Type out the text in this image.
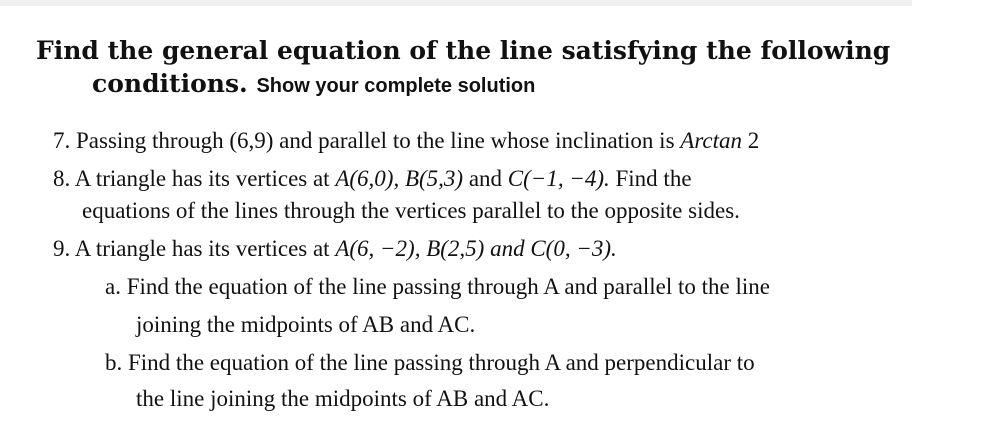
Find the general equation of the line satisfying the following
conditions. Show your complete solution
7. Passing through (6,9) and parallel to the line whose inclination is Arctan 2
8. A triangle has its vertices at A(6,0), B(5,3) and C(−1, −4). Find the
equations of the lines through the vertices parallel to the opposite sides.
9. A triangle has its vertices at A(6, −2), B(2,5) and C(0, −3).
a. Find the equation of the line passing through A and parallel to the line
joining the midpoints of AB and AC.
b. Find the equation of the line passing through A and perpendicular to
the line joining the midpoints of AB and AC.
